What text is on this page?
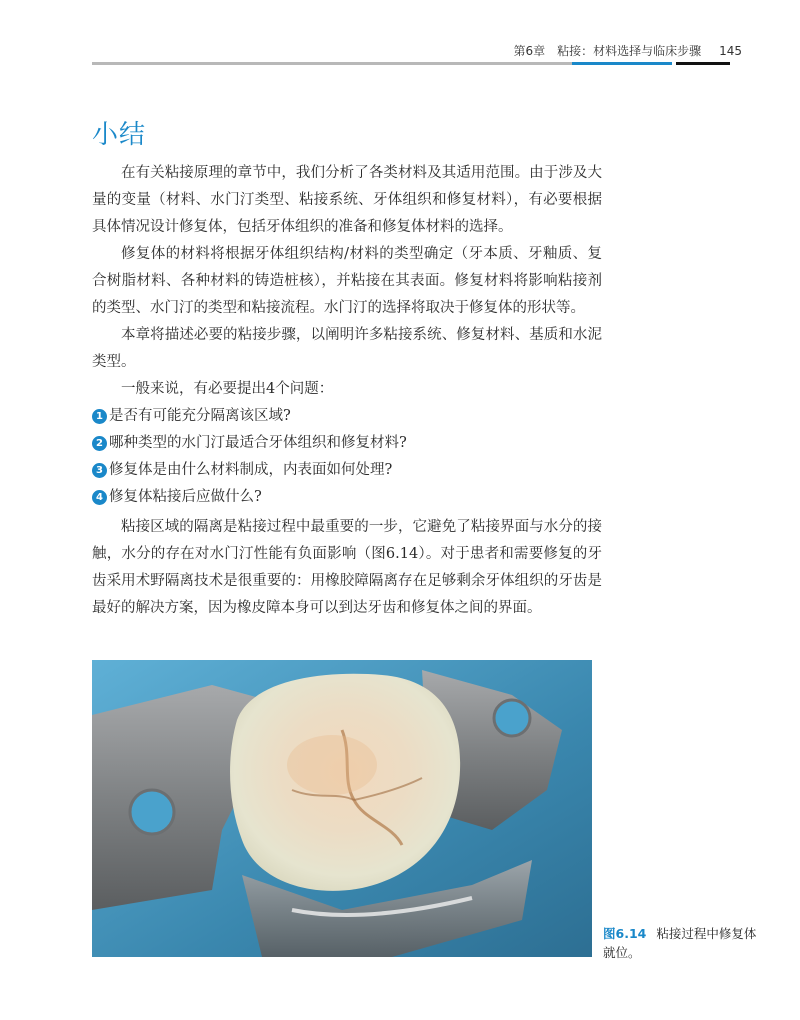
第6章　粘接：材料选择与临床步骤 145
小结

在有关粘接原理的章节中，我们分析了各类材料及其适用范围。由于涉及大量的变量（材料、水门汀类型、粘接系统、牙体组织和修复材料），有必要根据具体情况设计修复体，包括牙体组织的准备和修复体材料的选择。

修复体的材料将根据牙体组织结构/材料的类型确定（牙本质、牙釉质、复合树脂材料、各种材料的铸造桩核），并粘接在其表面。修复材料将影响粘接剂的类型、水门汀的类型和粘接流程。水门汀的选择将取决于修复体的形状等。

本章将描述必要的粘接步骤，以阐明许多粘接系统、修复材料、基质和水泥类型。

一般来说，有必要提出4个问题：

1 是否有可能充分隔离该区域?
2 哪种类型的水门汀最适合牙体组织和修复材料?
3 修复体是由什么材料制成，内表面如何处理?
4 修复体粘接后应做什么?

粘接区域的隔离是粘接过程中最重要的一步，它避免了粘接界面与水分的接触，水分的存在对水门汀性能有负面影响（图6.14）。对于患者和需要修复的牙齿采用术野隔离技术是很重要的：用橡胶障隔离存在足够剩余牙体组织的牙齿是最好的解决方案，因为橡皮障本身可以到达牙齿和修复体之间的界面。

图6.14 粘接过程中修复体就位。
